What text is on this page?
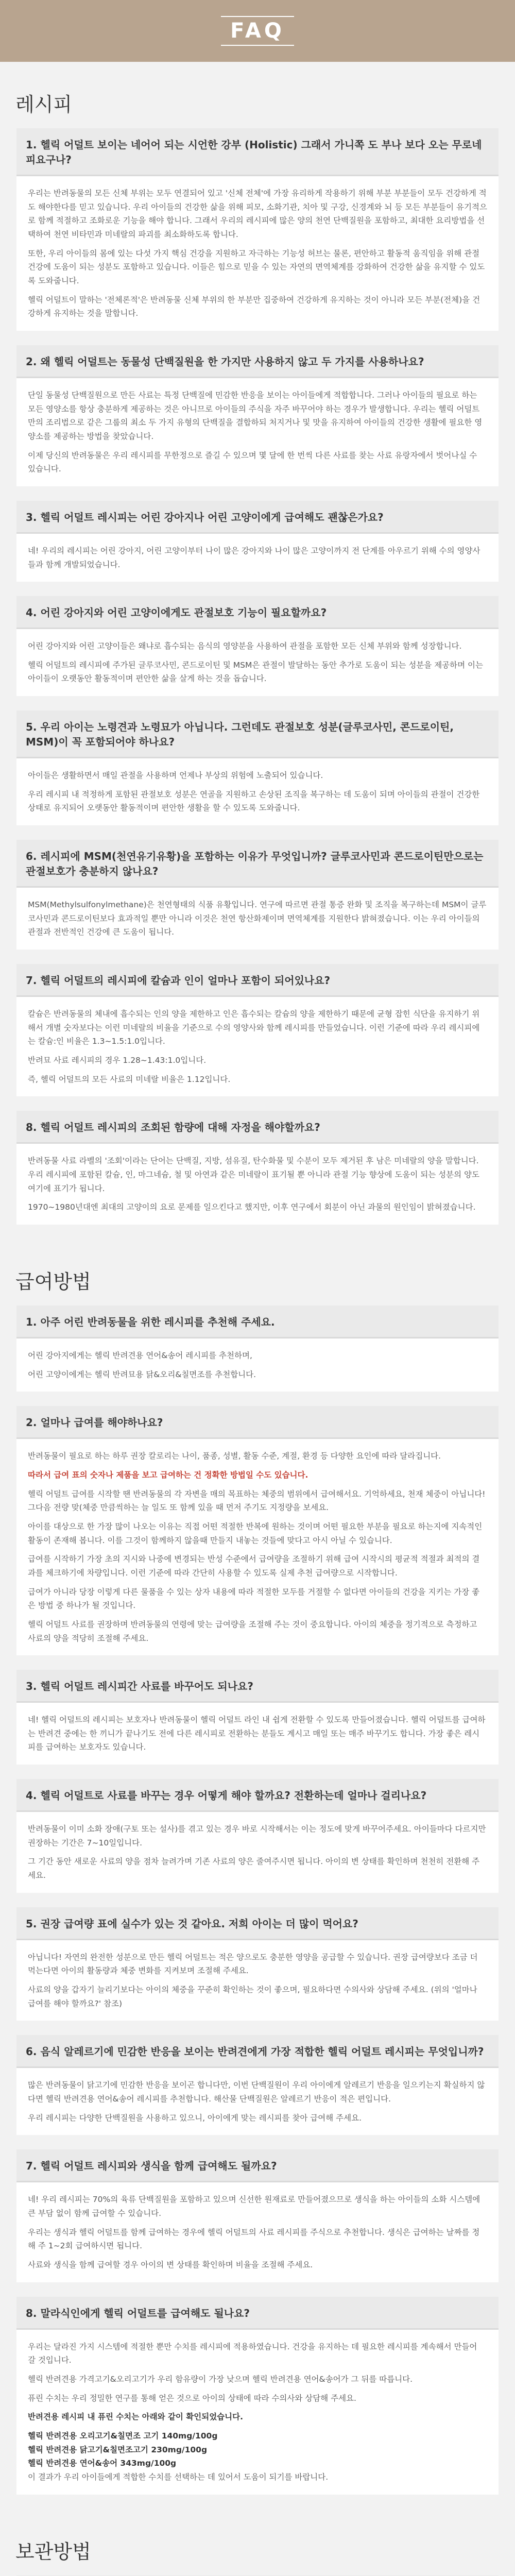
FAQ
레시피
1. 헬릭 어덜트 보이는 네어어 되는 시언한 강부 (Holistic) 그래서 가니쪽 도 부나 보다 오는 무로네 피요구나?

우리는 반려동물의 모든 신체 부위는 모두 연결되어 있고 '신체 전체'에 가장 유리하게 작용하기 위해 부분 부분들이 모두 건강하게 적도 해야한다를 믿고 있습니다. 우리 아이들의 건강한 삶을 위해 피모, 소화기관, 치아 및 구강, 신경계와 뇌 등 모든 부분들이 유기적으로 함께 적절하고 조화로운 기능을 해야 합니다. 그래서 우리의 레시피에 많은 양의 천연 단백질원을 포함하고, 최대한 요리방법을 선택하여 천연 비타민과 미네랄의 파괴를 최소화하도록 합니다.

또한, 우리 아이들의 몸에 있는 다섯 가지 핵심 건강을 지원하고 자극하는 기능성 허브는 물론, 편안하고 활동적 움직임을 위해 관절 건강에 도움이 되는 성분도 포함하고 있습니다. 이들은 힘으로 믿을 수 있는 자연의 면역체계를 강화하여 건강한 삶을 유지할 수 있도록 도와줍니다.

헬릭 어덜트이 말하는 '전체론적'은 반려동물 신체 부위의 한 부분만 집중하여 건강하게 유지하는 것이 아니라 모든 부분(전체)을 건강하게 유지하는 것을 말합니다.

2. 왜 헬릭 어덜트는 동물성 단백질원을 한 가지만 사용하지 않고 두 가지를 사용하나요?

단일 동물성 단백질원으로 만든 사료는 특정 단백질에 민감한 반응을 보이는 아이들에게 적합합니다. 그러나 아이들의 필요로 하는 모든 영양소를 항상 충분하게 제공하는 것은 아니므로 아이들의 주식을 자주 바꾸어야 하는 경우가 발생합니다. 우리는 헬릭 어덜트만의 조리법으로 같은 그룹의 최소 두 가지 유형의 단백질을 결합하되 처지거나 및 맛을 유지하여 아이들의 건강한 생활에 필요한 영양소를 제공하는 방법을 찾았습니다.

이제 당신의 반려동물은 우리 레시피를 무한정으로 즐길 수 있으며 몇 달에 한 번씩 다른 사료를 찾는 사료 유랑자에서 벗어나실 수 있습니다.

3. 헬릭 어덜트 레시피는 어린 강아지나 어린 고양이에게 급여해도 괜찮은가요?

네! 우리의 레시피는 어린 강아지, 어린 고양이부터 나이 많은 강아지와 나이 많은 고양이까지 전 단계를 아우르기 위해 수의 영양사들과 함께 개발되었습니다.

4. 어린 강아지와 어린 고양이에게도 관절보호 기능이 필요할까요?

어린 강아지와 어린 고양이들은 왜냐로 흡수되는 음식의 영양분을 사용하여 관절을 포함한 모든 신체 부위와 함께 성장합니다.

헬릭 어덜트의 레시피에 주가된 글루코사민, 콘드로이틴 및 MSM은 관절이 발달하는 동안 추가로 도움이 되는 성분을 제공하며 이는 아이들이 오랫동안 활동적이며 편안한 삶을 살게 하는 것을 돕습니다.

5. 우리 아이는 노령견과 노령묘가 아닙니다. 그런데도 관절보호 성분(글루코사민, 콘드로이틴, MSM)이 꼭 포함되어야 하나요?

아이들은 생활하면서 매일 관절을 사용하며 언제나 부상의 위험에 노출되어 있습니다.

우리 레시피 내 적정하게 포함된 관절보호 성분은 연골을 지원하고 손상된 조직을 복구하는 데 도움이 되며 아이들의 관절이 건강한 상태로 유지되어 오랫동안 활동적이며 편안한 생활을 할 수 있도록 도와줍니다.

6. 레시피에 MSM(천연유기유황)을 포함하는 이유가 무엇입니까? 글루코사민과 콘드로이틴만으로는 관절보호가 충분하지 않나요?

MSM(Methylsulfonylmethane)은 천연형태의 식품 유황입니다. 연구에 따르면 관절 통증 완화 및 조직을 복구하는데 MSM이 글루코사민과 콘드로이틴보다 효과적일 뿐만 아니라 이것은 천연 항산화제이며 면역체계를 지원한다 밝혀졌습니다. 이는 우리 아이들의 관절과 전반적인 건강에 큰 도움이 됩니다.

7. 헬릭 어덜트의 레시피에 칼슘과 인이 얼마나 포함이 되어있나요?

칼슘은 반려동물의 체내에 흡수되는 인의 양을 제한하고 인은 흡수되는 칼슘의 양을 제한하기 때문에 균형 잡힌 식단을 유지하기 위해서 개별 숫자보다는 이런 미네랄의 비율을 기준으로 수의 영양사와 함께 레시피를 만들었습니다. 이런 기준에 따라 우리 레시피에는 칼슘:인 비율은 1.3~1.5:1.0입니다.

반려묘 사료 레시피의 경우 1.28~1.43:1.0입니다.

즉, 헬릭 어덜트의 모든 사료의 미네랄 비율은 1.12입니다.

8. 헬릭 어덜트 레시피의 조회된 함량에 대해 자정을 해야할까요?

반려동물 사료 라벨의 '조회'이라는 단어는 단백질, 지방, 섬유질, 탄수화물 및 수분이 모두 제거된 후 남은 미네랄의 양을 말합니다. 우리 레시피에 포함된 칼슘, 인, 마그네슘, 철 및 아연과 같은 미네랄이 표기될 뿐 아니라 관절 기능 향상에 도움이 되는 성분의 양도 여기에 표기가 됩니다.

1970~1980년대엔 최대의 고양이의 요로 문제를 일으킨다고 했지만, 이후 연구에서 회분이 아닌 과물의 원인임이 밝혀졌습니다.

급여방법
1. 아주 어린 반려동물을 위한 레시피를 추천해 주세요.

어린 강아지에게는 헬릭 반려견용 연어&송어 레시피를 추천하며,

어린 고양이에게는 헬릭 반려묘용 닭&오리&칠면조를 추천합니다.

2. 얼마나 급여를 해야하나요?

반려동물이 필요로 하는 하루 권장 칼로리는 나이, 품종, 성별, 활동 수준, 계절, 환경 등 다양한 요인에 따라 달라집니다.

따라서 급여 표의 숫자나 제품을 보고 급여하는 건 정확한 방법일 수도 있습니다.

헬릭 어덜트 급여를 시작할 땐 반려동물의 각 자변을 매의 목표하는 체중의 범위에서 급여해서요. 기억하세요, 천재 체중이 아닙니다! 그다음 전량 맞(체중 만큼씩하는 늘 일도 또 함께 있을 때 먼저 주기도 지정량을 보세요.

아이를 대상으로 한 가장 많이 나오는 이유는 직접 어떤 적절한 반복에 원하는 것이며 어떤 필요한 부분을 필요로 하는지에 지속적인 활동이 존재해 봅니다. 이를 그것이 함께하지 않을때 만들지 내놓는 것들에 맞다고 아시 아닐 수 있습니다.

급여를 시작하기 가장 초의 지시와 나중에 변경되는 반성 수준에서 급여량을 조절하기 위해 급여 시작시의 평균적 적절과 최적의 결과를 체크하기에 차량입니다. 이런 기준에 따라 간단히 사용할 수 있도록 실제 추천 급여량으로 시작합니다.

급여가 아니라 당장 이렇게 다른 물품을 수 있는 상자 내용에 따라 적절한 모두를 거절할 수 없다면 아이들의 건강을 지키는 가장 좋은 방법 중 하나가 될 것입니다.

헬릭 어덜트 사료를 권장하며 반려동물의 연령에 맞는 급여량을 조절해 주는 것이 중요합니다. 아이의 체중을 정기적으로 측정하고 사료의 양을 적당히 조절해 주세요.

3. 헬릭 어덜트 레시피간 사료를 바꾸어도 되나요?

네! 헬릭 어덜트의 레시피는 보호자나 반려동물이 헬릭 어덜트 라인 내 쉽게 전환할 수 있도록 만들어졌습니다. 헬릭 어덜트를 급여하는 반려견 중에는 한 끼니가 끝나기도 전에 다른 레시피로 전환하는 분들도 계시고 매일 또는 매주 바꾸기도 합니다. 가장 좋은 레시피를 급여하는 보호자도 있습니다.

4. 헬릭 어덜트로 사료를 바꾸는 경우 어떻게 해야 할까요? 전환하는데 얼마나 걸리나요?

반려동물이 이미 소화 장애(구토 또는 설사)를 겪고 있는 경우 바로 시작해서는 이는 정도에 맞게 바꾸어주세요. 아이들마다 다르지만 권장하는 기간은 7~10일입니다.

그 기간 동안 새로운 사료의 양을 점차 늘려가며 기존 사료의 양은 줄여주시면 됩니다. 아이의 변 상태를 확인하며 천천히 전환해 주세요.

5. 권장 급여량 표에 실수가 있는 것 같아요. 저희 아이는 더 많이 먹어요?

아닙니다! 자연의 완전한 성분으로 만든 헬릭 어덜트는 적은 양으로도 충분한 영양을 공급할 수 있습니다. 권장 급여량보다 조금 더 먹는다면 아이의 활동량과 체중 변화를 지켜보며 조절해 주세요.

사료의 양을 갑자기 늘리기보다는 아이의 체중을 꾸준히 확인하는 것이 좋으며, 필요하다면 수의사와 상담해 주세요. (위의 '얼마나 급여를 해야 할까요?' 참조)

6. 음식 알레르기에 민감한 반응을 보이는 반려견에게 가장 적합한 헬릭 어덜트 레시피는 무엇입니까?

많은 반려동물이 닭고기에 민감한 반응을 보이곤 합니다만, 이번 단백질원이 우리 아이에게 알레르기 반응을 일으키는지 확실하지 않다면 헬릭 반려견용 연어&송어 레시피를 추천합니다. 해산물 단백질원은 알레르기 반응이 적은 편입니다.

우리 레시피는 다양한 단백질원을 사용하고 있으니, 아이에게 맞는 레시피를 찾아 급여해 주세요.

7. 헬릭 어덜트 레시피와 생식을 함께 급여해도 될까요?

네! 우리 레시피는 70%의 육류 단백질원을 포함하고 있으며 신선한 원재료로 만들어졌으므로 생식을 하는 아이들의 소화 시스템에 큰 부담 없이 함께 급여할 수 있습니다.

우리는 생식과 헬릭 어덜트를 함께 급여하는 경우에 헬릭 어덜트의 사료 레시피를 주식으로 추천합니다. 생식은 급여하는 날짜를 정해 주 1~2회 급여하시면 됩니다.

사료와 생식을 함께 급여할 경우 아이의 변 상태를 확인하며 비율을 조절해 주세요.

8. 말라식인에게 헬릭 어덜트를 급여해도 될나요?

우리는 달라진 가지 시스템에 적절한 뿐만 수치를 레시피에 적용하였습니다. 건강을 유지하는 데 필요한 레시피를 계속해서 만들어 갈 것입니다.

헬릭 반려견용 가격고기&오리고기가 우리 함유량이 가장 낮으며 헬릭 반려견용 연어&송어가 그 뒤를 따릅니다.

퓨린 수치는 우리 정밀한 연구를 통해 얻은 것으로 아이의 상태에 따라 수의사와 상담해 주세요.

반려견용 레시피 내 퓨린 수치는 아래와 같이 확인되었습니다.

헬릭 반려견용 오리고기&칠면조 고기 140mg/100g
헬릭 반려견용 닭고기&칠면조고기 230mg/100g
헬릭 반려견용 연어&송어 343mg/100g

이 결과가 우리 아이들에게 적합한 수치를 선택하는 데 있어서 도움이 되기를 바랍니다.

보관방법
